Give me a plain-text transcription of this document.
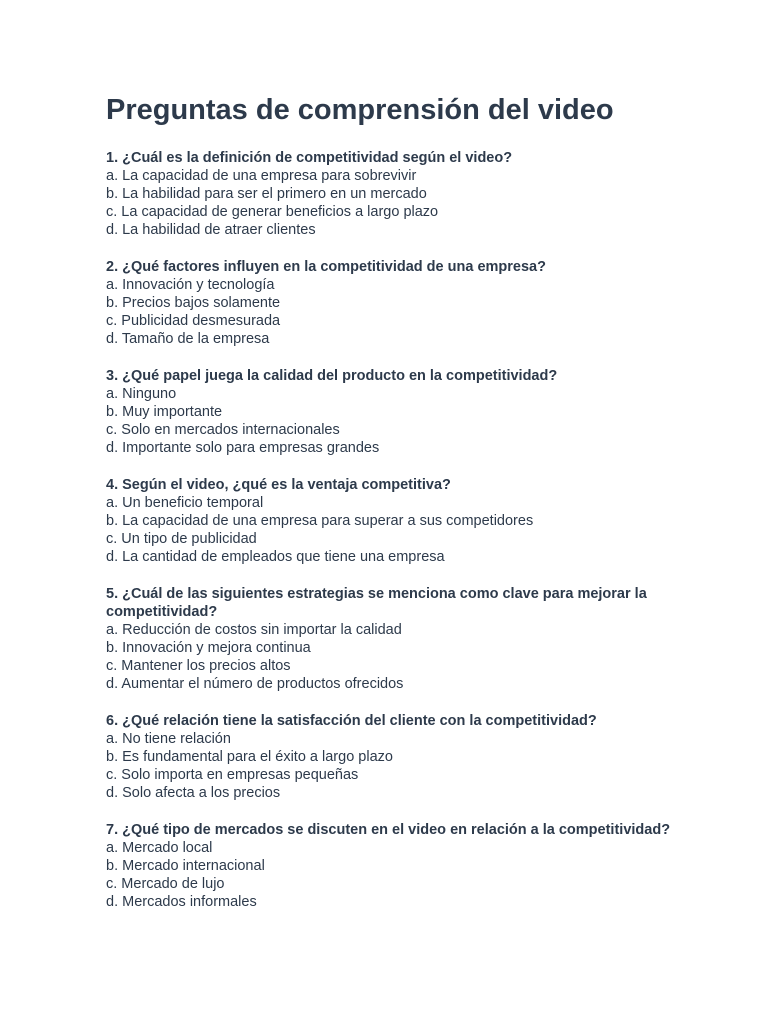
Preguntas de comprensión del video

1. ¿Cuál es la definición de competitividad según el video?

a. La capacidad de una empresa para sobrevivir
b. La habilidad para ser el primero en un mercado
c. La capacidad de generar beneficios a largo plazo
d. La habilidad de atraer clientes

2. ¿Qué factores influyen en la competitividad de una empresa?

a. Innovación y tecnología
b. Precios bajos solamente
c. Publicidad desmesurada
d. Tamaño de la empresa

3. ¿Qué papel juega la calidad del producto en la competitividad?

a. Ninguno
b. Muy importante
c. Solo en mercados internacionales
d. Importante solo para empresas grandes

4. Según el video, ¿qué es la ventaja competitiva?

a. Un beneficio temporal
b. La capacidad de una empresa para superar a sus competidores
c. Un tipo de publicidad
d. La cantidad de empleados que tiene una empresa

5. ¿Cuál de las siguientes estrategias se menciona como clave para mejorar la competitividad?

a. Reducción de costos sin importar la calidad
b. Innovación y mejora continua
c. Mantener los precios altos
d. Aumentar el número de productos ofrecidos

6. ¿Qué relación tiene la satisfacción del cliente con la competitividad?

a. No tiene relación
b. Es fundamental para el éxito a largo plazo
c. Solo importa en empresas pequeñas
d. Solo afecta a los precios

7. ¿Qué tipo de mercados se discuten en el video en relación a la competitividad?

a. Mercado local
b. Mercado internacional
c. Mercado de lujo
d. Mercados informales
